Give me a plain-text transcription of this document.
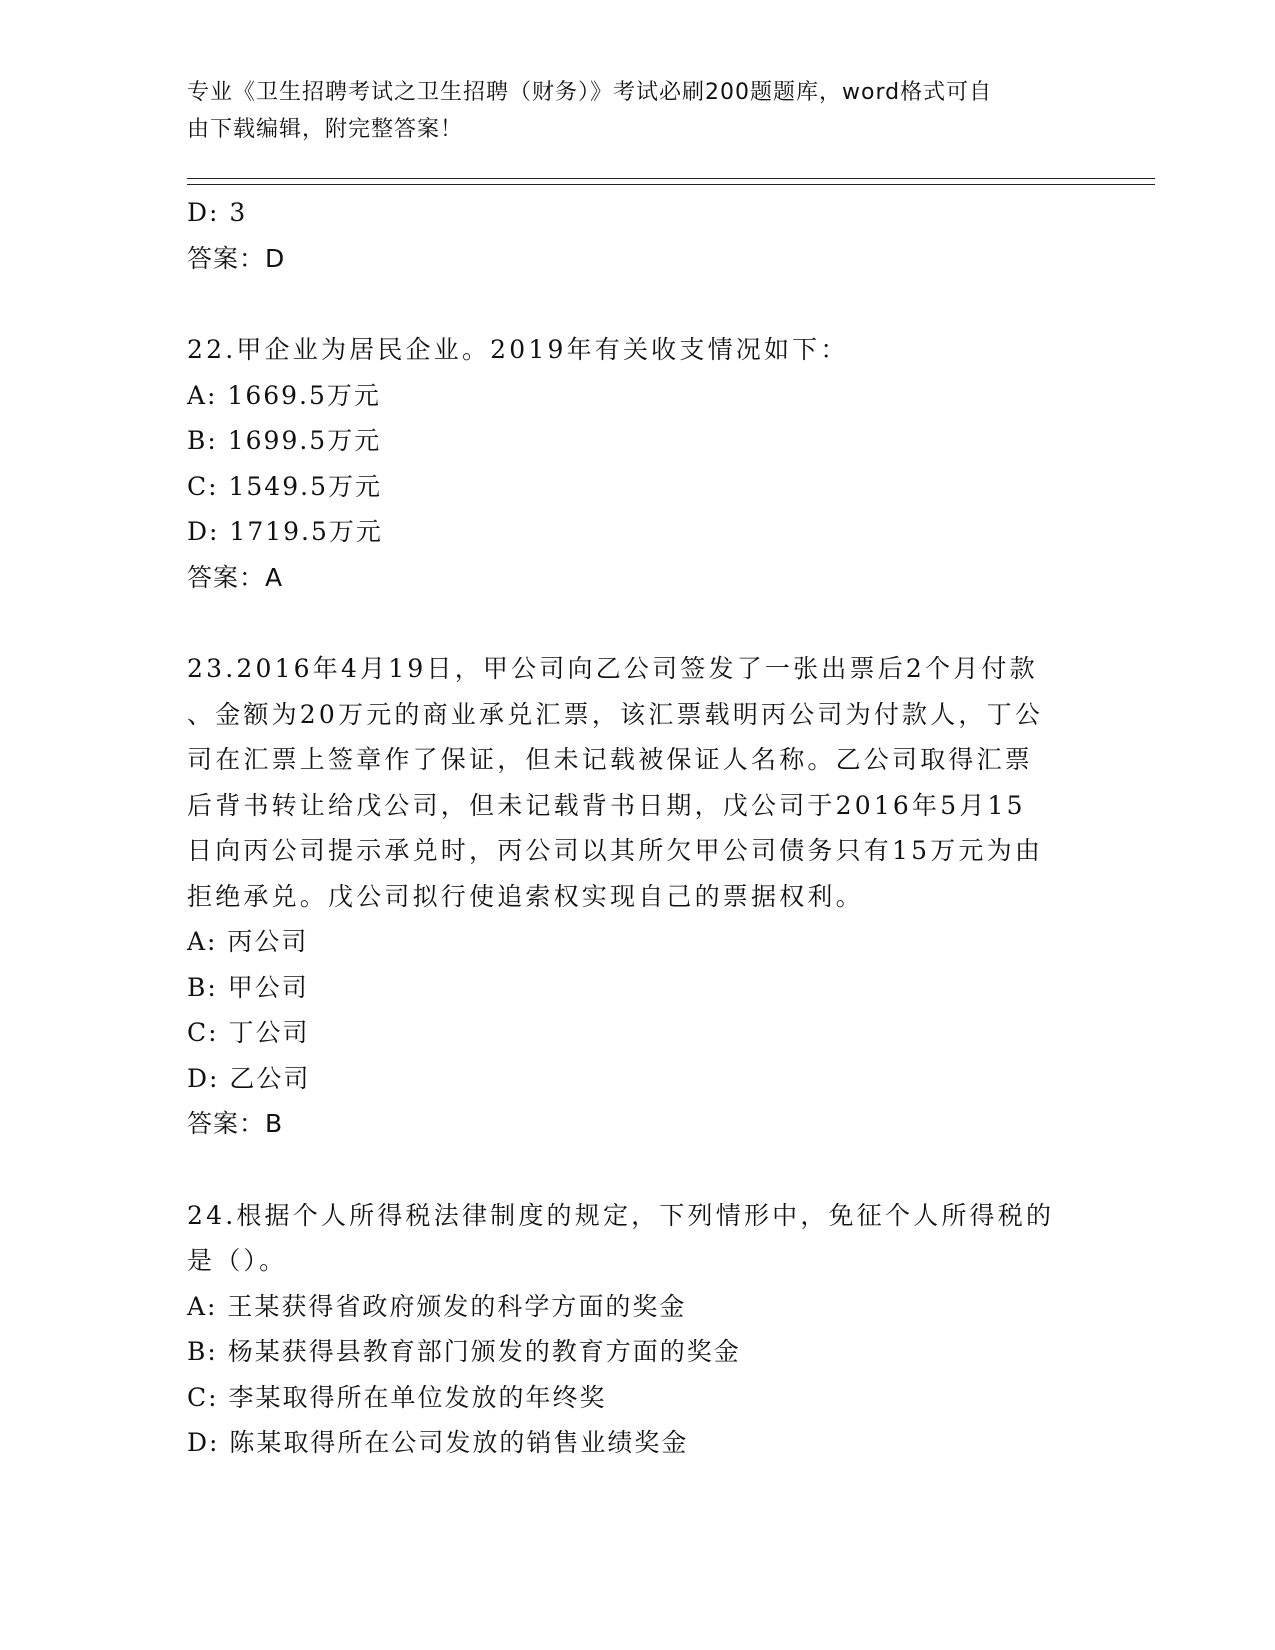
专业《卫生招聘考试之卫生招聘（财务）》考试必刷200题题库，word格式可自
由下载编辑，附完整答案！
D: 3
答案：D
22.甲企业为居民企业。2019年有关收支情况如下：
A: 1669.5万元
B: 1699.5万元
C: 1549.5万元
D: 1719.5万元
答案：A
23.2016年4月19日，甲公司向乙公司签发了一张出票后2个月付款
、金额为20万元的商业承兑汇票，该汇票载明丙公司为付款人，丁公
司在汇票上签章作了保证，但未记载被保证人名称。乙公司取得汇票
后背书转让给戊公司，但未记载背书日期，戊公司于2016年5月15
日向丙公司提示承兑时，丙公司以其所欠甲公司债务只有15万元为由
拒绝承兑。戊公司拟行使追索权实现自己的票据权利。
A: 丙公司
B: 甲公司
C: 丁公司
D: 乙公司
答案：B
24.根据个人所得税法律制度的规定，下列情形中，免征个人所得税的
是（）。
A: 王某获得省政府颁发的科学方面的奖金
B: 杨某获得县教育部门颁发的教育方面的奖金
C: 李某取得所在单位发放的年终奖
D: 陈某取得所在公司发放的销售业绩奖金
